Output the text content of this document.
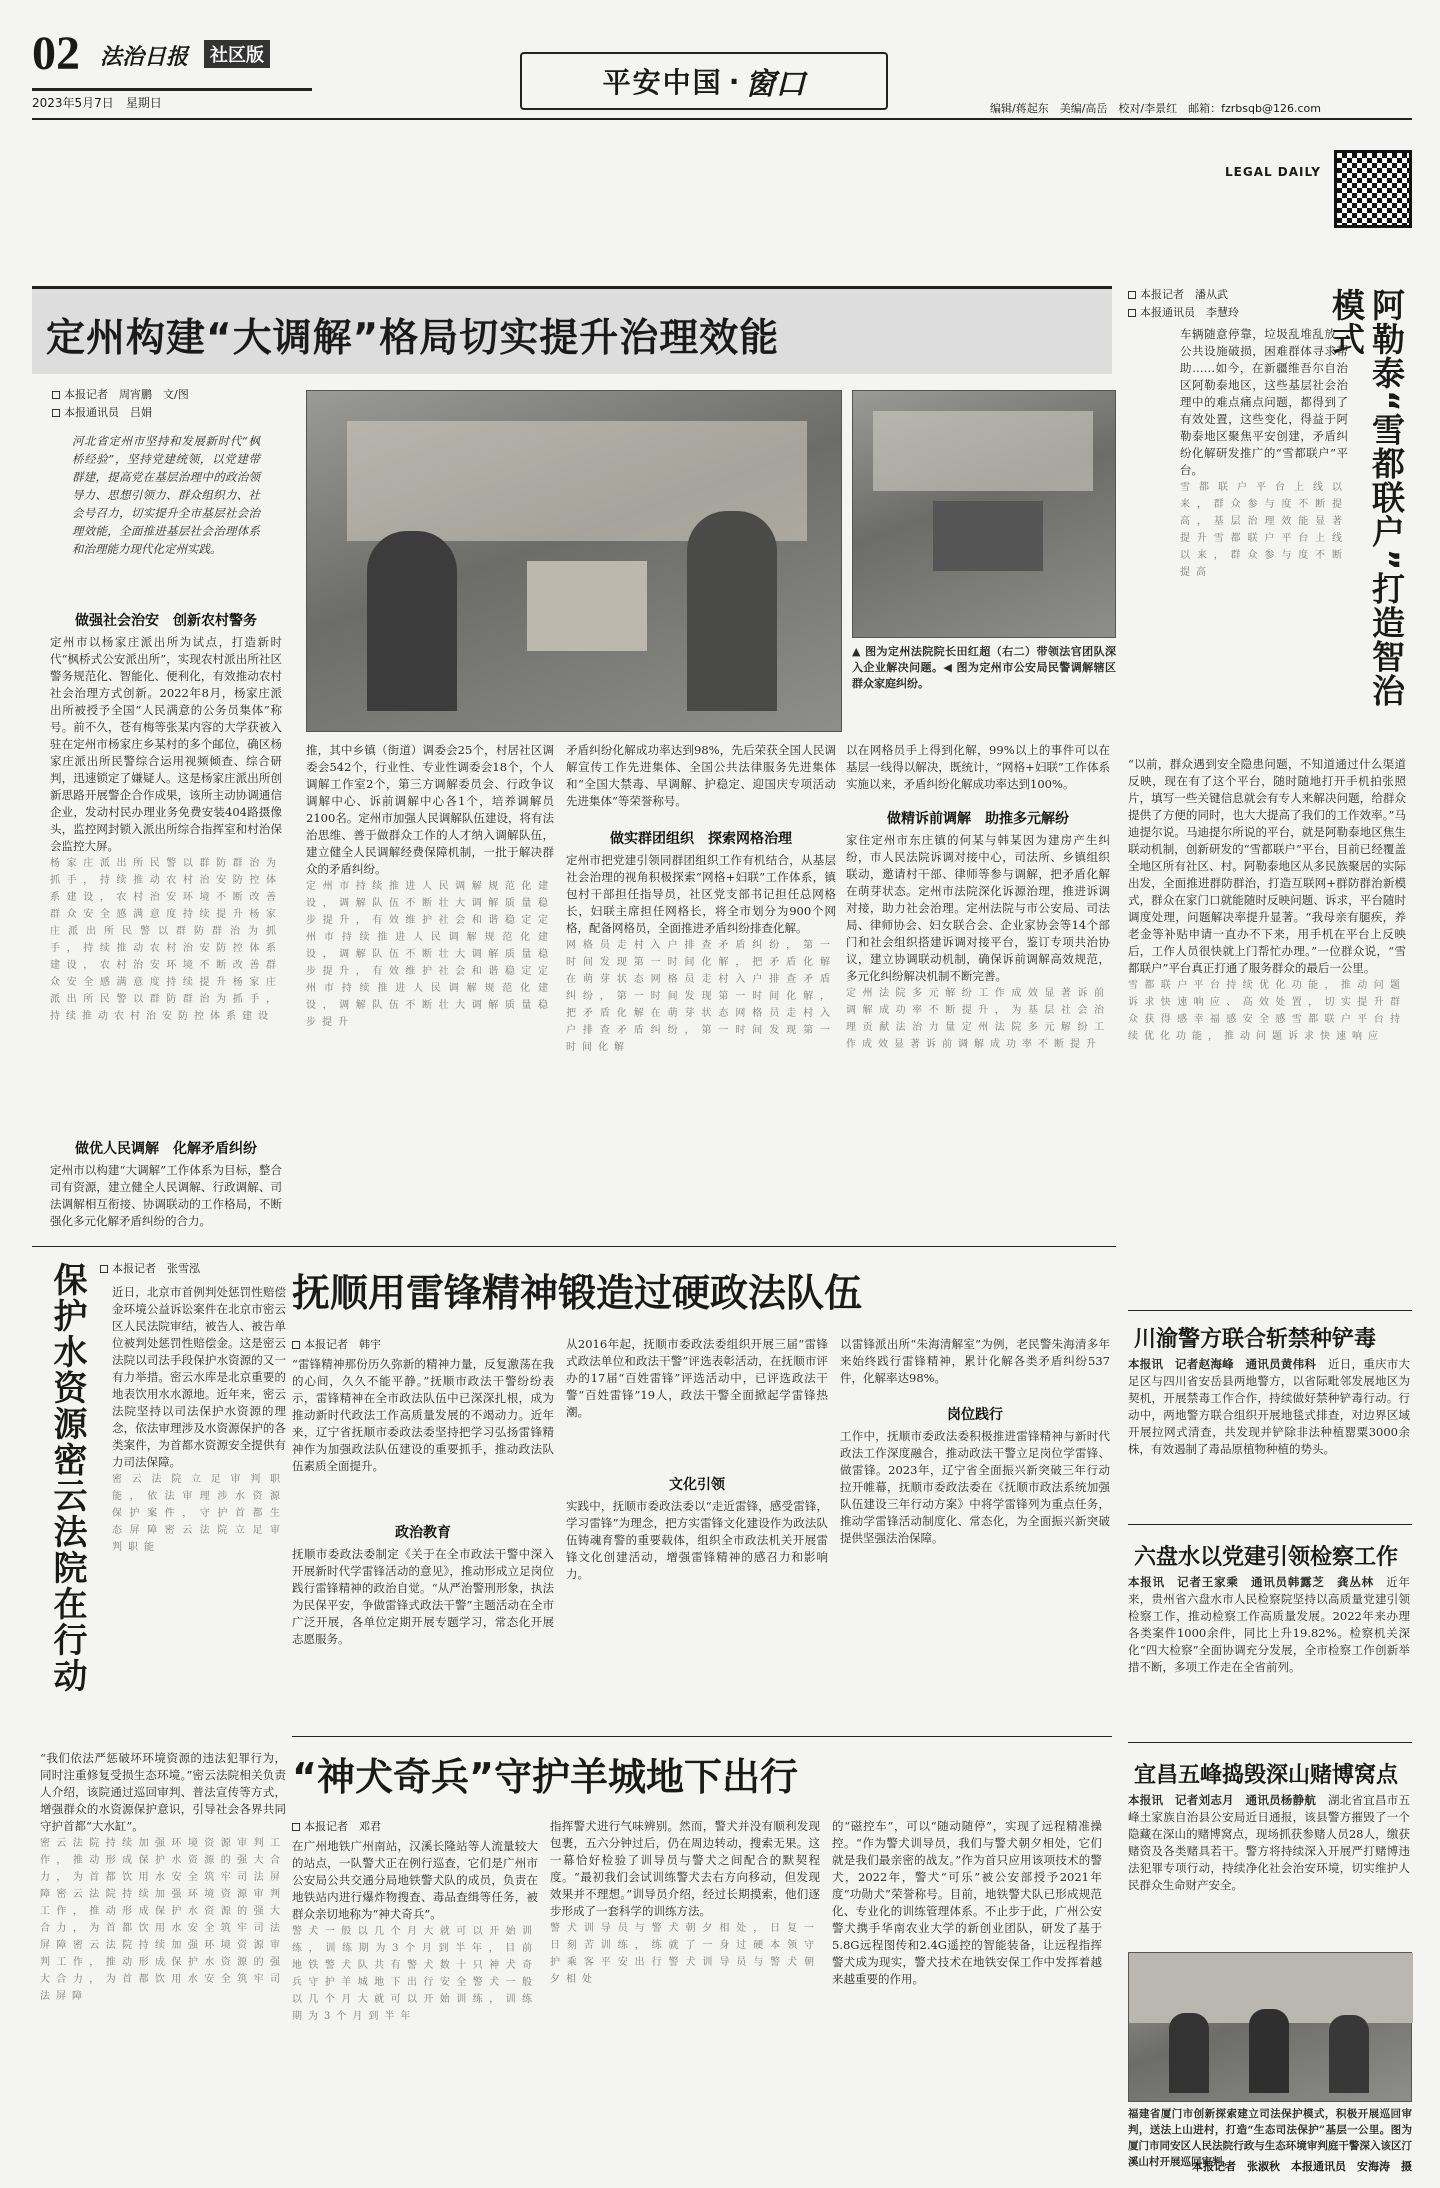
02 法治日报	社区版
2023年5月7日　 星期日
平安中国 · 窗口
LEGAL DAILY
编辑/蒋起东　美编/高岳　校对/李景红　邮箱：fzrbsqb@126.com
定州构建“大调解”格局切实提升治理效能
本报记者　周宵鹏　文/图
本报通讯员　吕娟
河北省定州市坚持和发展新时代“枫桥经验”，坚持党建统领，以党建带群建，提高党在基层治理中的政治领导力、思想引领力、群众组织力、社会号召力，切实提升全市基层社会治理效能，全面推进基层社会治理体系和治理能力现代化定州实践。
▲ 图为定州法院院长田红超（右二）带领法官团队深入企业解决问题。◀ 图为定州市公安局民警调解辖区群众家庭纠纷。
做强社会治安　创新农村警务
定州市以杨家庄派出所为试点，打造新时代“枫桥式公安派出所”，实现农村派出所社区警务规范化、智能化、便利化，有效推动农村社会治理方式创新。2022年8月，杨家庄派出所被授予全国“人民满意的公务员集体”称号。前不久，苍有梅等张某内容的大学获被入驻在定州市杨家庄乡某村的多个邮位，确区杨家庄派出所民警综合运用视频倾查、综合研判，迅速锁定了嫌疑人。这是杨家庄派出所创新思路开展警企合作成果，该所主动协调通信企业，发动村民办理业务免费安装404路摄像头，监控网封锁入派出所综合指挥室和村治保会监控大屏。
杨家庄派出所民警以群防群治为抓手，持续推动农村治安防控体系建设，农村治安环境不断改善群众安全感满意度持续提升杨家庄派出所民警以群防群治为抓手，持续推动农村治安防控体系建设，农村治安环境不断改善群众安全感满意度持续提升杨家庄派出所民警以群防群治为抓手，持续推动农村治安防控体系建设
做优人民调解　化解矛盾纠纷
定州市以构建“大调解”工作体系为目标，整合司有资源，建立健全人民调解、行政调解、司法调解相互衔接、协调联动的工作格局，不断强化多元化解矛盾纠纷的合力。
推，其中乡镇（街道）调委会25个，村居社区调委会542个，行业性、专业性调委会18个，个人调解工作室2个，第三方调解委员会、行政争议调解中心、诉前调解中心各1个，培养调解员2100名。定州市加强人民调解队伍建设，将有法治思维、善于做群众工作的人才纳入调解队伍，建立健全人民调解经费保障机制，一批于解决群众的矛盾纠纷。
定州市持续推进人民调解规范化建设，调解队伍不断壮大调解质量稳步提升，有效维护社会和谐稳定定州市持续推进人民调解规范化建设，调解队伍不断壮大调解质量稳步提升，有效维护社会和谐稳定定州市持续推进人民调解规范化建设，调解队伍不断壮大调解质量稳步提升
矛盾纠纷化解成功率达到98%，先后荣获全国人民调解宣传工作先进集体、全国公共法律服务先进集体和“全国大禁毒、早调解、护稳定、迎国庆专项活动先进集体”等荣誉称号。
做实群团组织　探索网格治理
定州市把党建引领同群团组织工作有机结合，从基层社会治理的视角积极探索“网格+妇联”工作体系，镇包村干部担任指导员，社区党支部书记担任总网格长，妇联主席担任网格长，将全市划分为900个网格，配备网格员，全面推进矛盾纠纷排查化解。
网格员走村入户排查矛盾纠纷，第一时间发现第一时间化解，把矛盾化解在萌芽状态网格员走村入户排查矛盾纠纷，第一时间发现第一时间化解，把矛盾化解在萌芽状态网格员走村入户排查矛盾纠纷，第一时间发现第一时间化解
以在网格员手上得到化解，99%以上的事件可以在基层一线得以解决，既统计，“网格+妇联”工作体系实施以来，矛盾纠纷化解成功率达到100%。
做精诉前调解　助推多元解纷
家住定州市东庄镇的何某与韩某因为建房产生纠纷，市人民法院诉调对接中心，司法所、乡镇组织联动，邀请村干部、律师等参与调解，把矛盾化解在萌芽状态。定州市法院深化诉源治理，推进诉调对接，助力社会治理。定州法院与市公安局、司法局、律师协会、妇女联合会、企业家协会等14个部门和社会组织搭建诉调对接平台，鉴订专项共治协议，建立协调联动机制，确保诉前调解高效规范，多元化纠纷解决机制不断完善。
定州法院多元解纷工作成效显著诉前调解成功率不断提升，为基层社会治理贡献法治力量定州法院多元解纷工作成效显著诉前调解成功率不断提升
本报记者　潘从武
本报通讯员　李慧玲	阿勒泰“雪都联户”打造智治模式
车辆随意停靠，垃圾乱堆乱放，公共设施破损，困难群体寻求帮助……如今，在新疆维吾尔自治区阿勒泰地区，这些基层社会治理中的难点痛点问题，都得到了有效处置，这些变化，得益于阿勒泰地区聚焦平安创建，矛盾纠纷化解研发推广的“雪都联户”平台。
雪都联户平台上线以来，群众参与度不断提高，基层治理效能显著提升雪都联户平台上线以来，群众参与度不断提高
“以前，群众遇到安全隐患问题，不知道通过什么渠道反映，现在有了这个平台，随时随地打开手机拍张照片，填写一些关键信息就会有专人来解决问题，给群众提供了方便的同时，也大大提高了我们的工作效率。”马迪提尔说。马迪提尔所说的平台，就是阿勒泰地区焦生联动机制，创新研发的“雪都联户”平台，目前已经覆盖全地区所有社区、村。阿勒泰地区从多民族聚居的实际出发，全面推进群防群治，打造互联网+群防群治新模式，群众在家门口就能随时反映问题、诉求，平台随时调度处理，问题解决率提升显著。“我母亲有腿疾，养老金等补贴申请一直办不下来，用手机在平台上反映后，工作人员很快就上门帮忙办理。”一位群众说，“雪都联户”平台真正打通了服务群众的最后一公里。
雪都联户平台持续优化功能，推动问题诉求快速响应、高效处置，切实提升群众获得感幸福感安全感雪都联户平台持续优化功能，推动问题诉求快速响应
本报记者　张雪泓
保护水资源密云法院在行动 近日，北京市首例判处惩罚性赔偿金环境公益诉讼案件在北京市密云区人民法院审结，被告人、被告单位被判处惩罚性赔偿金。这是密云法院以司法手段保护水资源的又一有力举措。密云水库是北京重要的地表饮用水水源地。近年来，密云法院坚持以司法保护水资源的理念，依法审理涉及水资源保护的各类案件，为首都水资源安全提供有力司法保障。
密云法院立足审判职能，依法审理涉水资源保护案件，守护首都生态屏障密云法院立足审判职能
“我们依法严惩破坏环境资源的违法犯罪行为，同时注重修复受损生态环境。”密云法院相关负责人介绍，该院通过巡回审判、普法宣传等方式，增强群众的水资源保护意识，引导社会各界共同守护首都“大水缸”。
密云法院持续加强环境资源审判工作，推动形成保护水资源的强大合力，为首都饮用水安全筑牢司法屏障密云法院持续加强环境资源审判工作，推动形成保护水资源的强大合力，为首都饮用水安全筑牢司法屏障密云法院持续加强环境资源审判工作，推动形成保护水资源的强大合力，为首都饮用水安全筑牢司法屏障
抚顺用雷锋精神锻造过硬政法队伍
本报记者　韩宇
“雷锋精神那份历久弥新的精神力量，反复激荡在我的心间，久久不能平静。”抚顺市政法干警纷纷表示，雷锋精神在全市政法队伍中已深深扎根，成为推动新时代政法工作高质量发展的不竭动力。近年来，辽宁省抚顺市委政法委坚持把学习弘扬雷锋精神作为加强政法队伍建设的重要抓手，推动政法队伍素质全面提升。
政治教育
抚顺市委政法委制定《关于在全市政法干警中深入开展新时代学雷锋活动的意见》，推动形成立足岗位践行雷锋精神的政治自觉。“从严治警刑形象，执法为民保平安，争做雷锋式政法干警”主题活动在全市广泛开展，各单位定期开展专题学习，常态化开展志愿服务。
从2016年起，抚顺市委政法委组织开展三届“雷锋式政法单位和政法干警”评选表彰活动，在抚顺市评办的17届“百姓雷锋”评选活动中，已评选政法干警“百姓雷锋”19人，政法干警全面掀起学雷锋热潮。
文化引领
实践中，抚顺市委政法委以“走近雷锋，感受雷锋，学习雷锋”为理念，把方实雷锋文化建设作为政法队伍铸魂育警的重要载体，组织全市政法机关开展雷锋文化创建活动，增强雷锋精神的感召力和影响力。
以雷锋派出所“朱海清解室”为例，老民警朱海清多年来始终践行雷锋精神，累计化解各类矛盾纠纷537件，化解率达98%。
岗位践行
工作中，抚顺市委政法委积极推进雷锋精神与新时代政法工作深度融合，推动政法干警立足岗位学雷锋、做雷锋。2023年，辽宁省全面振兴新突破三年行动拉开帷幕，抚顺市委政法委在《抚顺市政法系统加强队伍建设三年行动方案》中将学雷锋列为重点任务，推动学雷锋活动制度化、常态化，为全面振兴新突破提供坚强法治保障。
川渝警方联合斩禁种铲毒
本报讯　记者赵海峰　通讯员黄伟科　 近日，重庆市大足区与四川省安岳县两地警方，以省际毗邻发展地区为契机，开展禁毒工作合作，持续做好禁种铲毒行动。行动中，两地警方联合组织开展地毯式排查，对边界区域开展拉网式清查，共发现并铲除非法种植罂粟3000余株，有效遏制了毒品原植物种植的势头。
六盘水以党建引领检察工作
本报讯　记者王家乘　通讯员韩露芝　龚丛林　 近年来，贵州省六盘水市人民检察院坚持以高质量党建引领检察工作，推动检察工作高质量发展。2022年来办理各类案件1000余件，同比上升19.82%。检察机关深化“四大检察”全面协调充分发展，全市检察工作创新举措不断，多项工作走在全省前列。
宜昌五峰捣毁深山赌博窝点
本报讯　记者刘志月　通讯员杨静航　 湖北省宜昌市五峰土家族自治县公安局近日通报，该县警方摧毁了一个隐藏在深山的赌博窝点，现场抓获参赌人员28人，缴获赌资及各类赌具若干。警方将持续深入开展严打赌博违法犯罪专项行动，持续净化社会治安环境，切实维护人民群众生命财产安全。
“神犬奇兵”守护羊城地下出行
本报记者　邓君
在广州地铁广州南站，汉溪长隆站等人流量较大的站点，一队警犬正在例行巡查，它们是广州市公安局公共交通分局地铁警犬队的成员，负责在地铁站内进行爆炸物搜查、毒品查缉等任务，被群众亲切地称为“神犬奇兵”。
警犬一般以几个月大就可以开始训练，训练期为3个月到半年，目前地铁警犬队共有警犬数十只神犬奇兵守护羊城地下出行安全警犬一般以几个月大就可以开始训练，训练期为3个月到半年
指挥警犬进行气味辨别。然而，警犬并没有顺利发现包裹，五六分钟过后，仍在周边转动，搜索无果。这一幕恰好检验了训导员与警犬之间配合的默契程度。“最初我们会试训练警犬去右方向移动，但发现效果并不理想。”训导员介绍，经过长期摸索，他们逐步形成了一套科学的训练方法。
警犬训导员与警犬朝夕相处，日复一日刻苦训练，练就了一身过硬本领守护乘客平安出行警犬训导员与警犬朝夕相处
的“磁控车”，可以“随动随停”，实现了远程精准操控。“作为警犬训导员，我们与警犬朝夕相处，它们就是我们最亲密的战友。”作为首只应用该项技术的警犬，2022年，警犬“可乐”被公安部授予2021年度“功勋犬”荣誉称号。目前，地铁警犬队已形成规范化、专业化的训练管理体系。不止步于此，广州公安警犬携手华南农业大学的新创业团队，研发了基于5.8G远程图传和2.4G遥控的智能装备，让远程指挥警犬成为现实，警犬技术在地铁安保工作中发挥着越来越重要的作用。
福建省厦门市创新探索建立司法保护模式，积极开展巡回审判，送法上山进村，打造“生态司法保护”基层一公里。图为厦门市同安区人民法院行政与生态环境审判庭干警深入该区汀溪山村开展巡回审判。
本报记者　张淑秋　本报通讯员　安海涛　摄
